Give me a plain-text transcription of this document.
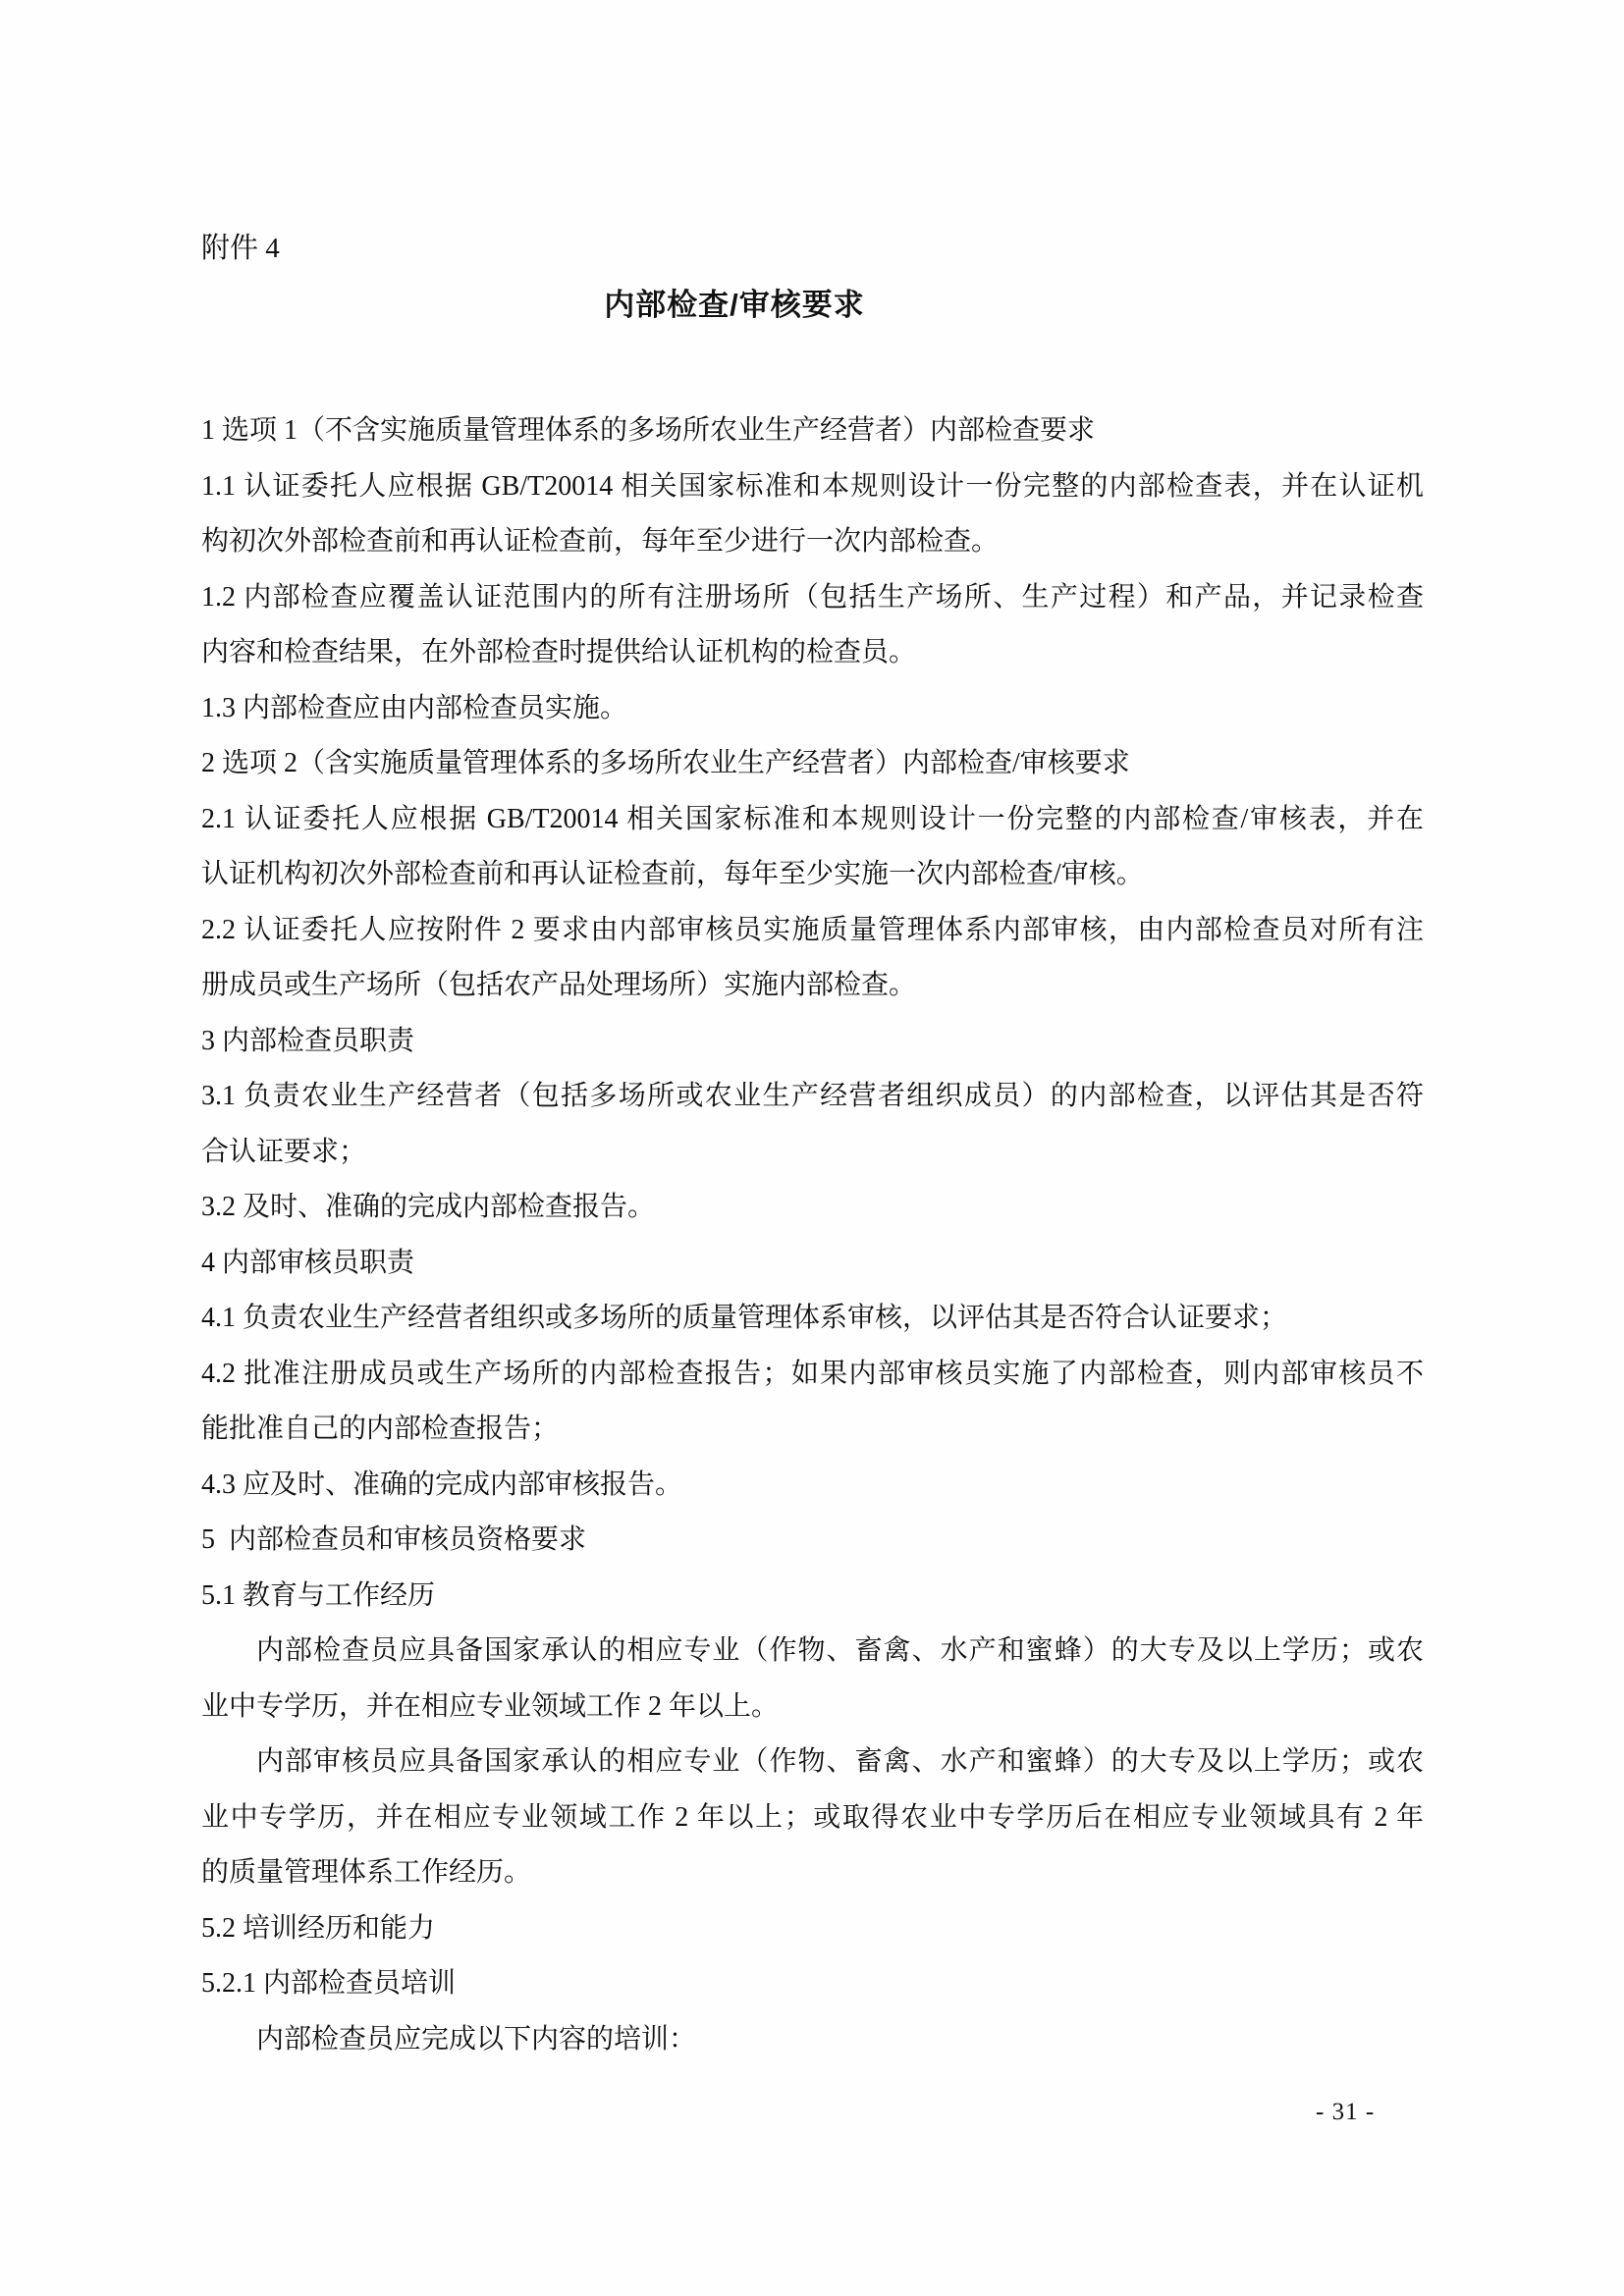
附件 4
内部检查/审核要求
1 选项 1（不含实施质量管理体系的多场所农业生产经营者）内部检查要求
1.1 认证委托人应根据 GB/T20014 相关国家标准和本规则设计一份完整的内部检查表，并在认证机
构初次外部检查前和再认证检查前，每年至少进行一次内部检查。
1.2 内部检查应覆盖认证范围内的所有注册场所（包括生产场所、生产过程）和产品，并记录检查
内容和检查结果，在外部检查时提供给认证机构的检查员。
1.3 内部检查应由内部检查员实施。
2 选项 2（含实施质量管理体系的多场所农业生产经营者）内部检查/审核要求
2.1 认证委托人应根据 GB/T20014 相关国家标准和本规则设计一份完整的内部检查/审核表，并在
认证机构初次外部检查前和再认证检查前，每年至少实施一次内部检查/审核。
2.2 认证委托人应按附件 2 要求由内部审核员实施质量管理体系内部审核，由内部检查员对所有注
册成员或生产场所（包括农产品处理场所）实施内部检查。
3 内部检查员职责
3.1 负责农业生产经营者（包括多场所或农业生产经营者组织成员）的内部检查，以评估其是否符
合认证要求；
3.2 及时、准确的完成内部检查报告。
4 内部审核员职责
4.1 负责农业生产经营者组织或多场所的质量管理体系审核，以评估其是否符合认证要求；
4.2 批准注册成员或生产场所的内部检查报告；如果内部审核员实施了内部检查，则内部审核员不
能批准自己的内部检查报告；
4.3 应及时、准确的完成内部审核报告。
5  内部检查员和审核员资格要求
5.1 教育与工作经历
内部检查员应具备国家承认的相应专业（作物、畜禽、水产和蜜蜂）的大专及以上学历；或农
业中专学历，并在相应专业领域工作 2 年以上。
内部审核员应具备国家承认的相应专业（作物、畜禽、水产和蜜蜂）的大专及以上学历；或农
业中专学历，并在相应专业领域工作 2 年以上；或取得农业中专学历后在相应专业领域具有 2 年
的质量管理体系工作经历。
5.2 培训经历和能力
5.2.1 内部检查员培训
内部检查员应完成以下内容的培训：
- 31 -
